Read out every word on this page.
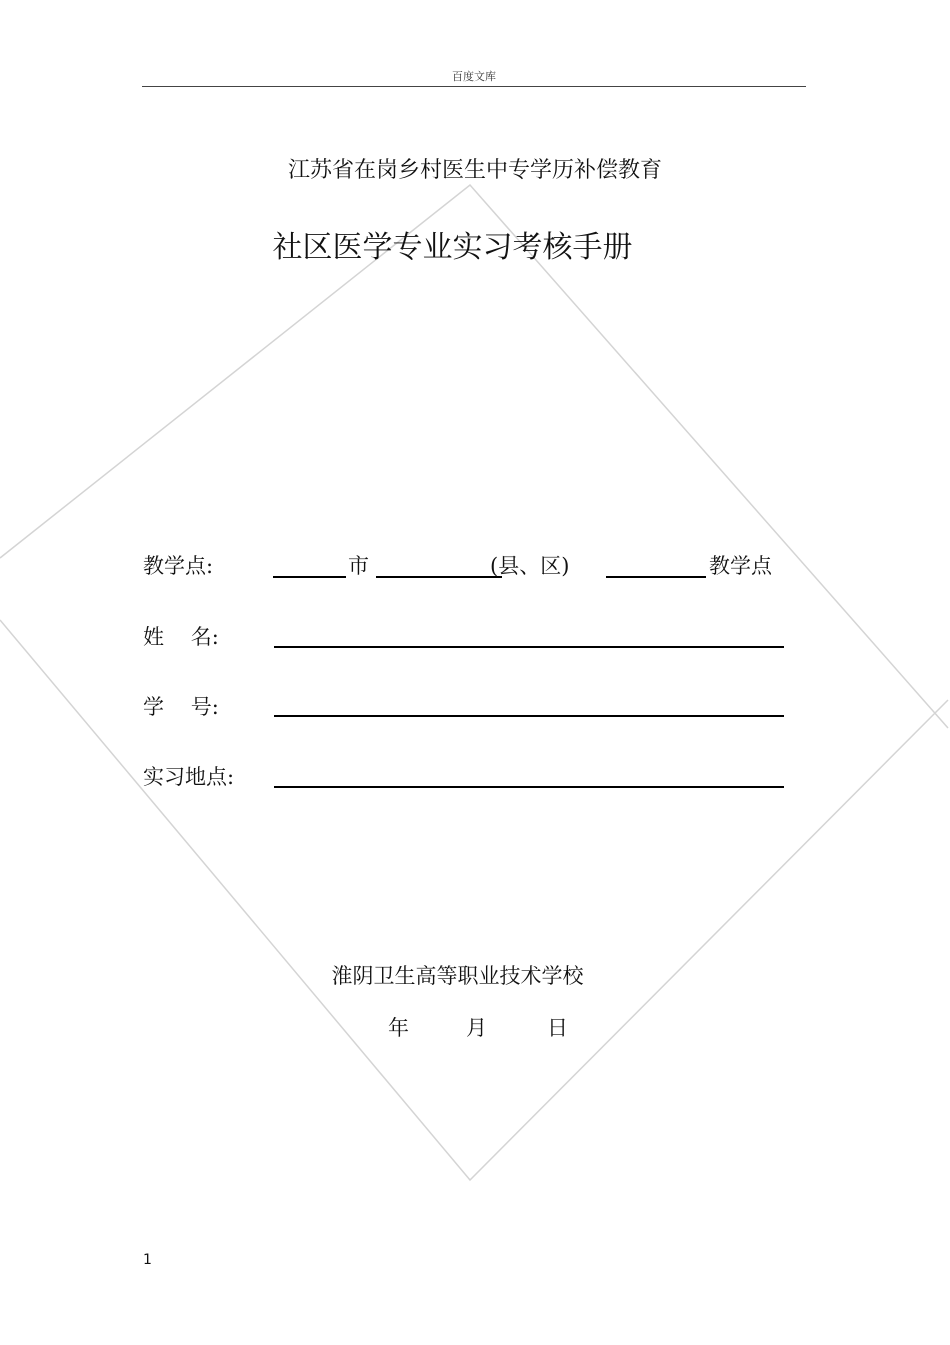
百度文库
江苏省在岗乡村医生中专学历补偿教育
社区医学专业实习考核手册
教学点:	市	(县、区)	教学点
姓    名:
学    号:
实习地点:
淮阴卫生高等职业技术学校
年	月	日
1
